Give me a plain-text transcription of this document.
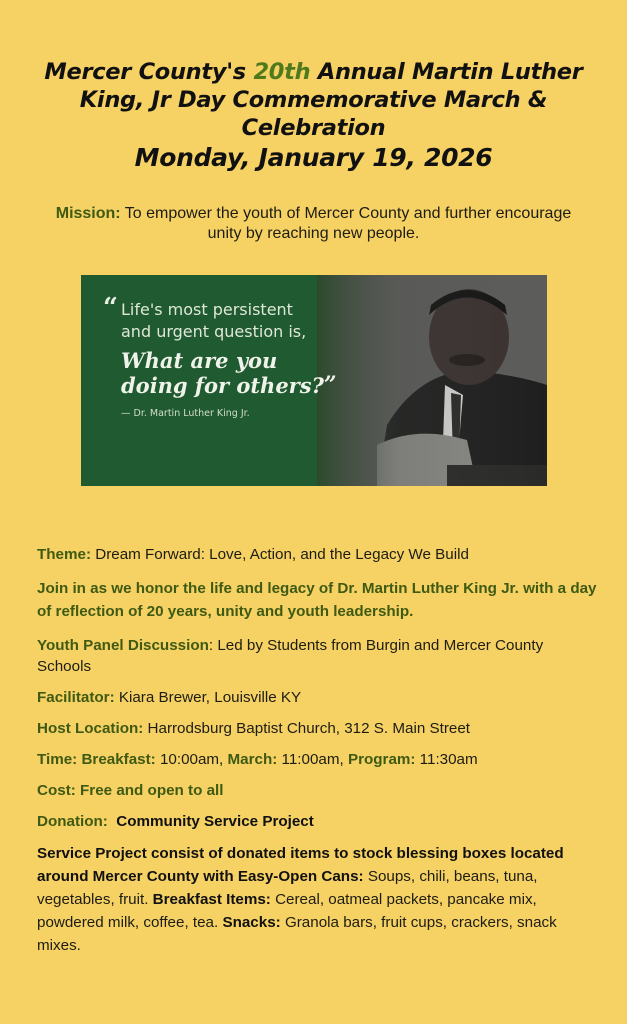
Mercer County's 20th Annual Martin Luther
King, Jr Day Commemorative March &
Celebration
Monday, January 19, 2026
Mission: To empower the youth of Mercer County and further encourage unity by reaching new people.
“ Life's most persistent
and urgent question is,
What are you
doing for others?”
— Dr. Martin Luther King Jr.

Theme: Dream Forward: Love, Action, and the Legacy We Build

Join in as we honor the life and legacy of Dr. Martin Luther King Jr. with a day of reflection of 20 years, unity and youth leadership.

Youth Panel Discussion: Led by Students from Burgin and Mercer County Schools

Facilitator: Kiara Brewer, Louisville KY

Host Location: Harrodsburg Baptist Church, 312 S. Main Street

Time: Breakfast: 10:00am, March: 11:00am, Program: 11:30am

Cost: Free and open to all

Donation:  Community Service Project

Service Project consist of donated items to stock blessing boxes located around Mercer County with Easy-Open Cans: Soups, chili, beans, tuna, vegetables, fruit. Breakfast Items: Cereal, oatmeal packets, pancake mix, powdered milk, coffee, tea. Snacks: Granola bars, fruit cups, crackers, snack mixes.
